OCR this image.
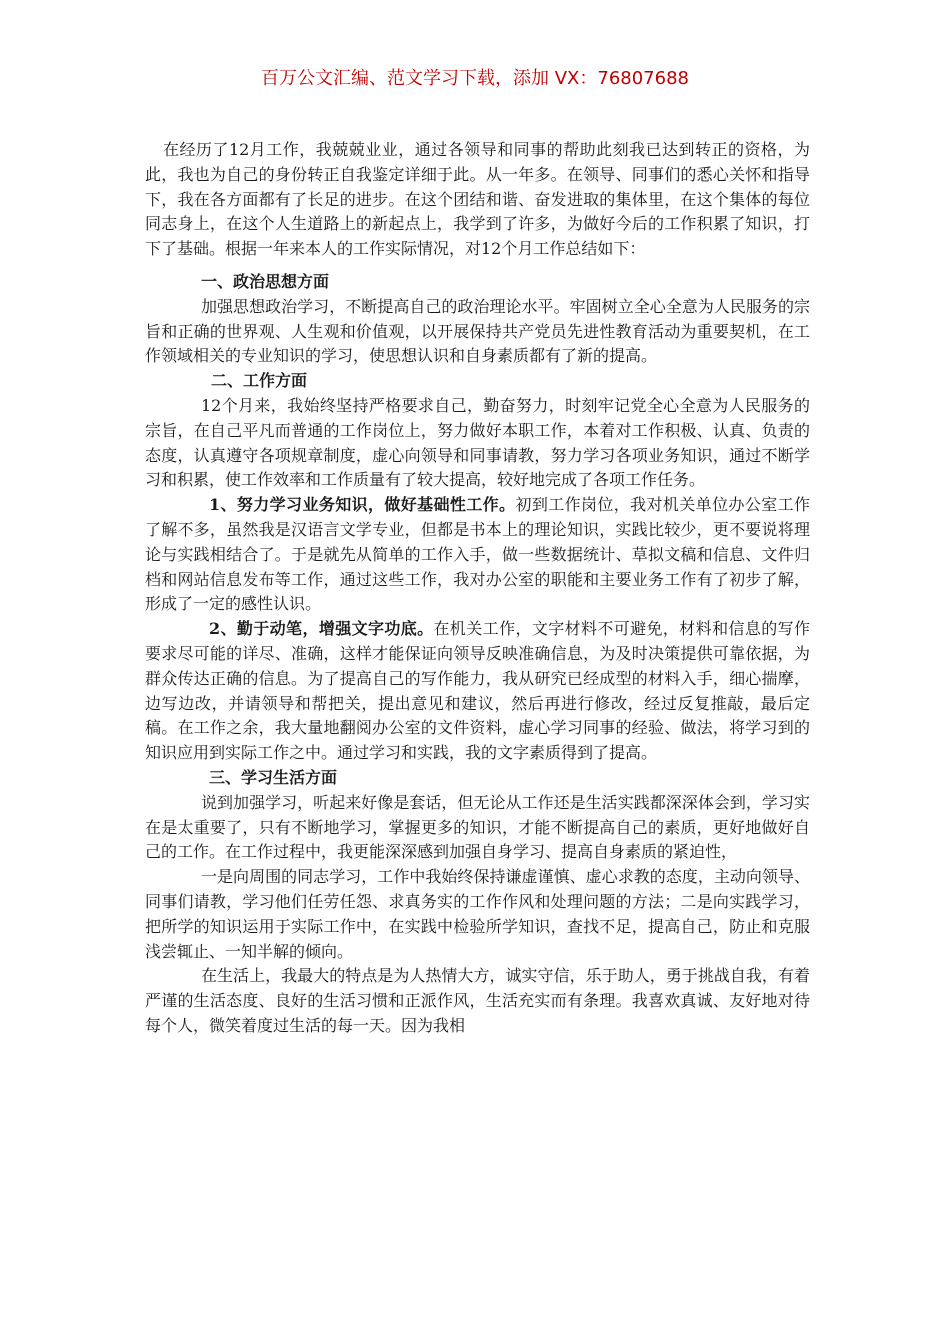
百万公文汇编、范文学习下载，添加 VX：76807688

在经历了12月工作，我兢兢业业，通过各领导和同事的帮助此刻我已达到转正的资格，为此，我也为自己的身份转正自我鉴定详细于此。从一年多。在领导、同事们的悉心关怀和指导下，我在各方面都有了长足的进步。在这个团结和谐、奋发进取的集体里，在这个集体的每位同志身上，在这个人生道路上的新起点上，我学到了许多，为做好今后的工作积累了知识，打下了基础。根据一年来本人的工作实际情况，对12个月工作总结如下：

一、政治思想方面

加强思想政治学习，不断提高自己的政治理论水平。牢固树立全心全意为人民服务的宗旨和正确的世界观、人生观和价值观，以开展保持共产党员先进性教育活动为重要契机，在工作领域相关的专业知识的学习，使思想认识和自身素质都有了新的提高。

二、工作方面

12个月来，我始终坚持严格要求自己，勤奋努力，时刻牢记党全心全意为人民服务的宗旨，在自己平凡而普通的工作岗位上，努力做好本职工作，本着对工作积极、认真、负责的态度，认真遵守各项规章制度，虚心向领导和同事请教，努力学习各项业务知识，通过不断学习和积累，使工作效率和工作质量有了较大提高，较好地完成了各项工作任务。

1、努力学习业务知识，做好基础性工作。初到工作岗位，我对机关单位办公室工作了解不多，虽然我是汉语言文学专业，但都是书本上的理论知识，实践比较少，更不要说将理论与实践相结合了。于是就先从简单的工作入手，做一些数据统计、草拟文稿和信息、文件归档和网站信息发布等工作，通过这些工作，我对办公室的职能和主要业务工作有了初步了解，形成了一定的感性认识。

2、勤于动笔，增强文字功底。在机关工作，文字材料不可避免，材料和信息的写作要求尽可能的详尽、准确，这样才能保证向领导反映准确信息，为及时决策提供可靠依据，为群众传达正确的信息。为了提高自己的写作能力，我从研究已经成型的材料入手，细心揣摩，边写边改，并请领导和帮把关，提出意见和建议，然后再进行修改，经过反复推敲，最后定稿。在工作之余，我大量地翻阅办公室的文件资料，虚心学习同事的经验、做法，将学习到的知识应用到实际工作之中。通过学习和实践，我的文字素质得到了提高。

三、学习生活方面

说到加强学习，听起来好像是套话，但无论从工作还是生活实践都深深体会到，学习实在是太重要了，只有不断地学习，掌握更多的知识，才能不断提高自己的素质，更好地做好自己的工作。在工作过程中，我更能深深感到加强自身学习、提高自身素质的紧迫性，

一是向周围的同志学习，工作中我始终保持谦虚谨慎、虚心求教的态度，主动向领导、同事们请教，学习他们任劳任怨、求真务实的工作作风和处理问题的方法；二是向实践学习，把所学的知识运用于实际工作中，在实践中检验所学知识，查找不足，提高自己，防止和克服浅尝辄止、一知半解的倾向。

在生活上，我最大的特点是为人热情大方，诚实守信，乐于助人，勇于挑战自我，有着严谨的生活态度、良好的生活习惯和正派作风，生活充实而有条理。我喜欢真诚、友好地对待每个人，微笑着度过生活的每一天。因为我相
